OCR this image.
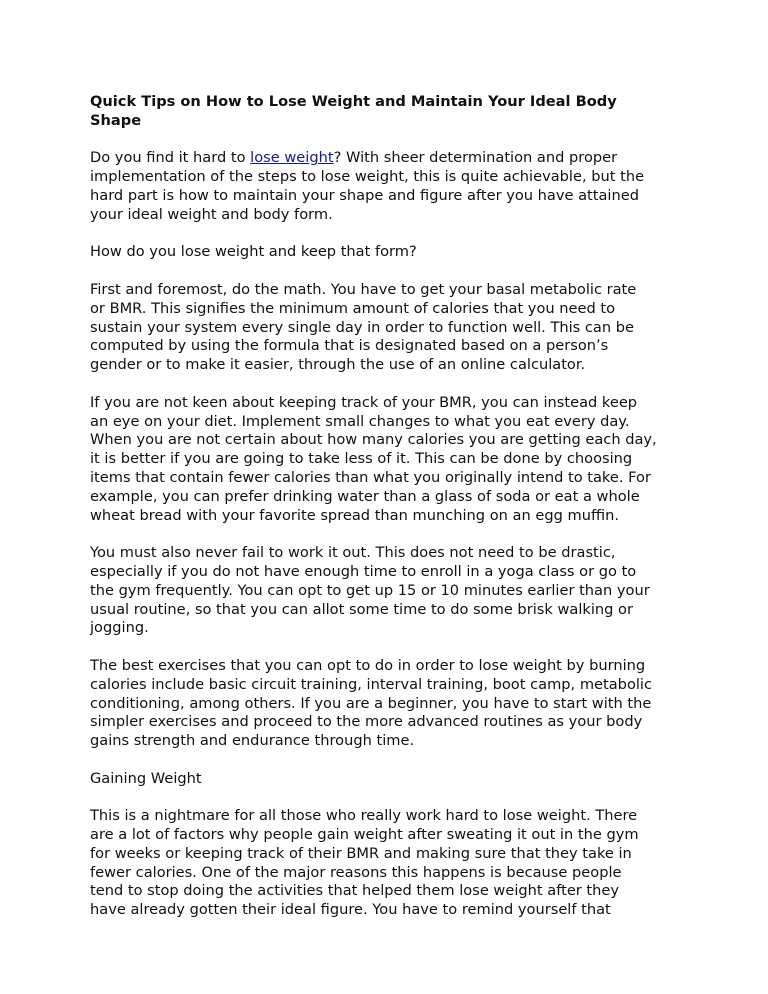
Quick Tips on How to Lose Weight and Maintain Your Ideal Body
Shape
Do you find it hard to lose weight? With sheer determination and proper
implementation of the steps to lose weight, this is quite achievable, but the
hard part is how to maintain your shape and figure after you have attained
your ideal weight and body form.
How do you lose weight and keep that form?
First and foremost, do the math. You have to get your basal metabolic rate
or BMR. This signifies the minimum amount of calories that you need to
sustain your system every single day in order to function well. This can be
computed by using the formula that is designated based on a person’s
gender or to make it easier, through the use of an online calculator.
If you are not keen about keeping track of your BMR, you can instead keep
an eye on your diet. Implement small changes to what you eat every day.
When you are not certain about how many calories you are getting each day,
it is better if you are going to take less of it. This can be done by choosing
items that contain fewer calories than what you originally intend to take. For
example, you can prefer drinking water than a glass of soda or eat a whole
wheat bread with your favorite spread than munching on an egg muffin.
You must also never fail to work it out. This does not need to be drastic,
especially if you do not have enough time to enroll in a yoga class or go to
the gym frequently. You can opt to get up 15 or 10 minutes earlier than your
usual routine, so that you can allot some time to do some brisk walking or
jogging.
The best exercises that you can opt to do in order to lose weight by burning
calories include basic circuit training, interval training, boot camp, metabolic
conditioning, among others. If you are a beginner, you have to start with the
simpler exercises and proceed to the more advanced routines as your body
gains strength and endurance through time.
Gaining Weight
This is a nightmare for all those who really work hard to lose weight. There
are a lot of factors why people gain weight after sweating it out in the gym
for weeks or keeping track of their BMR and making sure that they take in
fewer calories. One of the major reasons this happens is because people
tend to stop doing the activities that helped them lose weight after they
have already gotten their ideal figure. You have to remind yourself that
